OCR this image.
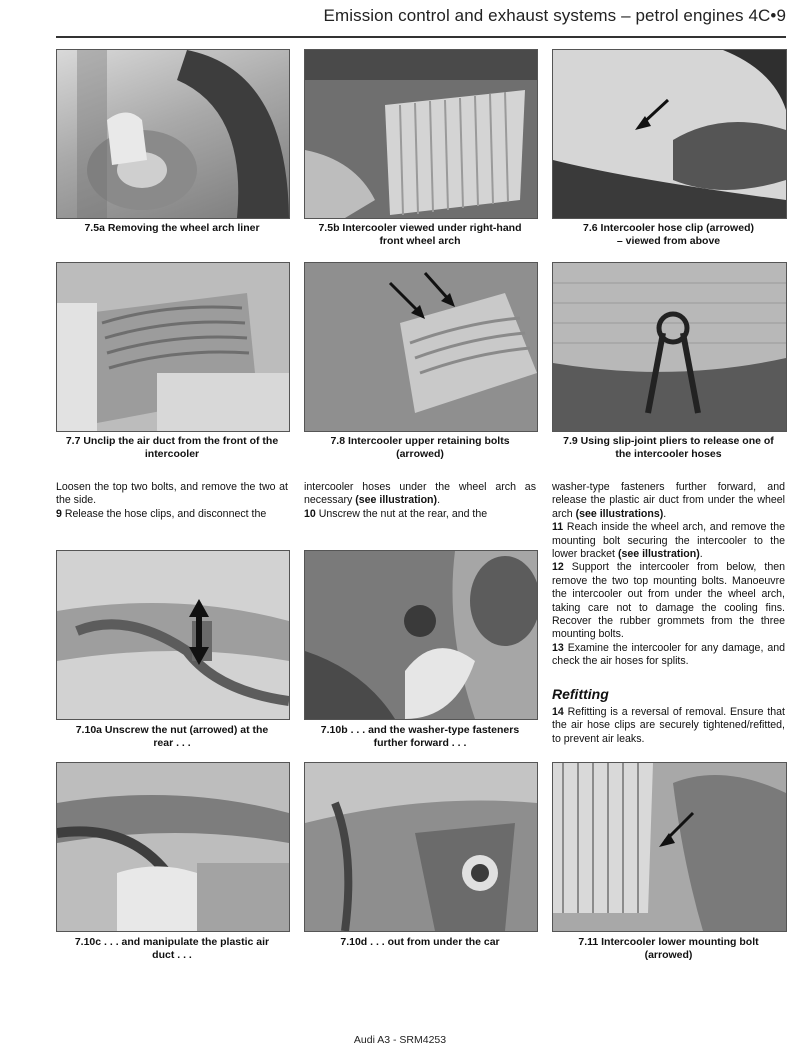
Emission control and exhaust systems – petrol engines 4C•9
7.5a Removing the wheel arch liner	7.5b Intercooler viewed under right-hand
front wheel arch
7.6 Intercooler hose clip (arrowed)
– viewed from above
7.7 Unclip the air duct from the front of the
intercooler
7.8 Intercooler upper retaining bolts
(arrowed)
7.9 Using slip-joint pliers to release one of
the intercooler hoses

Loosen the top two bolts, and remove the two at the side.

9 Release the hose clips, and disconnect the

intercooler hoses under the wheel arch as necessary (see illustration).

10 Unscrew the nut at the rear, and the

washer-type fasteners further forward, and release the plastic air duct from under the wheel arch (see illustrations).

11 Reach inside the wheel arch, and remove the mounting bolt securing the intercooler to the lower bracket (see illustration).

12 Support the intercooler from below, then remove the two top mounting bolts. Manoeuvre the intercooler out from under the wheel arch, taking care not to damage the cooling fins. Recover the rubber grommets from the three mounting bolts.

13 Examine the intercooler for any damage, and check the air hoses for splits.

Refitting

14 Refitting is a reversal of removal. Ensure that the air hose clips are securely tightened/refitted, to prevent air leaks.

7.10a Unscrew the nut (arrowed) at the
rear . . .
7.10b . . . and the washer-type fasteners
further forward . . .
7.10c . . . and manipulate the plastic air
duct . . .
7.10d . . . out from under the car	7.11 Intercooler lower mounting bolt
(arrowed)
Audi A3 - SRM4253
